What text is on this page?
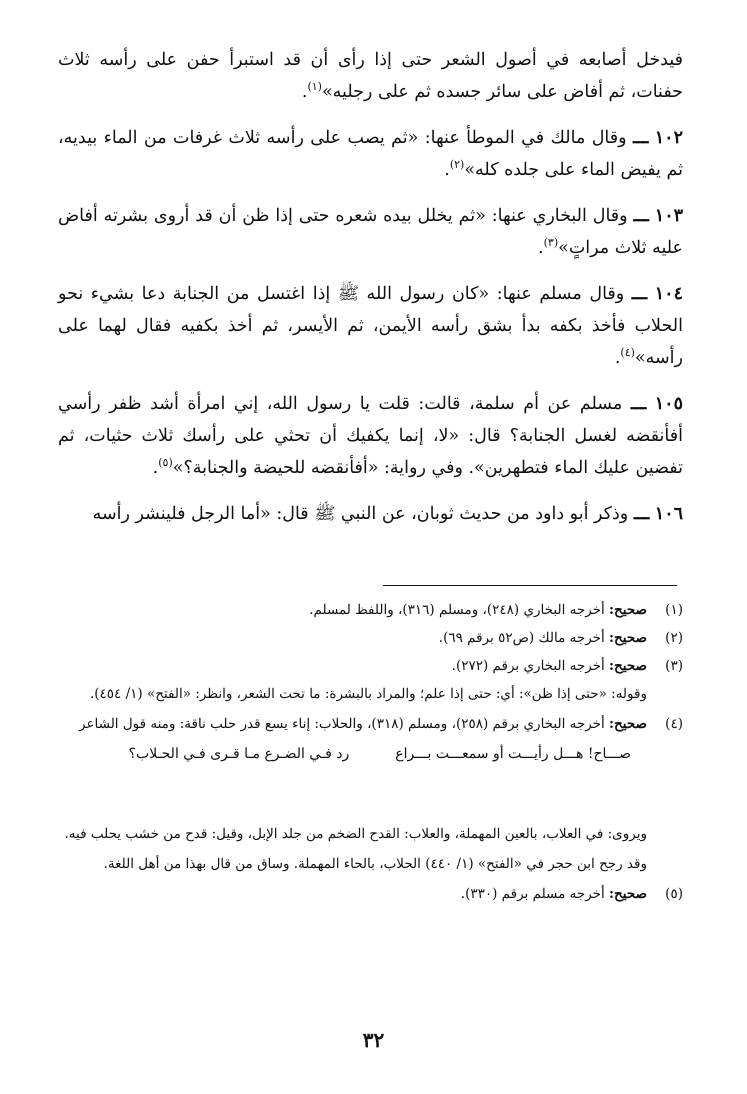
فيدخل أصابعه في أصول الشعر حتى إذا رأى أن قد استبرأ حفن على رأسه ثلاث حفنات، ثم أفاض على سائر جسده ثم على رجليه»$^{(١)}$.

١٠٢ ـــ وقال مالك في الموطأ عنها: «ثم يصب على رأسه ثلاث غرفات من الماء بيديه، ثم يفيض الماء على جلده كله»$^{(٢)}$.

١٠٣ ـــ وقال البخاري عنها: «ثم يخلل بيده شعره حتى إذا ظن أن قد أروى بشرته أفاض عليه ثلاث مراتٍ»$^{(٣)}$.

١٠٤ ـــ وقال مسلم عنها: «كان رسول الله ﷺ إذا اغتسل من الجنابة دعا بشيء نحو الحلاب فأخذ بكفه بدأ بشق رأسه الأيمن، ثم الأيسر، ثم أخذ بكفيه فقال لهما على رأسه»$^{(٤)}$.

١٠٥ ـــ مسلم عن أم سلمة، قالت: قلت يا رسول الله، إني امرأة أشد ظفر رأسي أفأنقضه لغسل الجنابة؟ قال: «لا، إنما يكفيك أن تحثي على رأسك ثلاث حثيات، ثم تفضين عليك الماء فتطهرين». وفي رواية: «أفأنقضه للحيضة والجنابة؟»$^{(٥)}$.

١٠٦ ـــ وذكر أبو داود من حديث ثوبان، عن النبي ﷺ قال: «أما الرجل فلينشر رأسه

(١)
صحيح: أخرجه البخاري (٢٤٨)، ومسلم (٣١٦)، واللفظ لمسلم.
(٢)
صحيح: أخرجه مالك (ص٥٢ برقم ٦٩).
(٣)
صحيح: أخرجه البخاري برقم (٢٧٢).
وقوله: «حتى إذا ظن»: أي: حتى إذا علم؛ والمراد بالبشرة: ما تحت الشعر، وانظر: «الفتح» (١/ ٤٥٤).
(٤)
صحيح: أخرجه البخاري برقم (٢٥٨)، ومسلم (٣١٨)، والحلاب: إناء يسع قدر حلب ناقة: ومنه قول الشاعر
صـــاح! هـــل رأيـــت أو سمعـــت بـــراع
رد فـي الضـرع مـا قـرى فـي الحـلاب؟
ويروى: في العلاب، بالعين المهملة، والعلاب: القدح الضخم من جلد الإبل، وقيل: قدح من خشب يحلب فيه.
وقد رجح ابن حجر في «الفتح» (١/ ٤٤٠) الحلاب، بالحاء المهملة. وساق من قال بهذا من أهل اللغة.
(٥)
صحيح: أخرجه مسلم برقم (٣٣٠).
٣٢
